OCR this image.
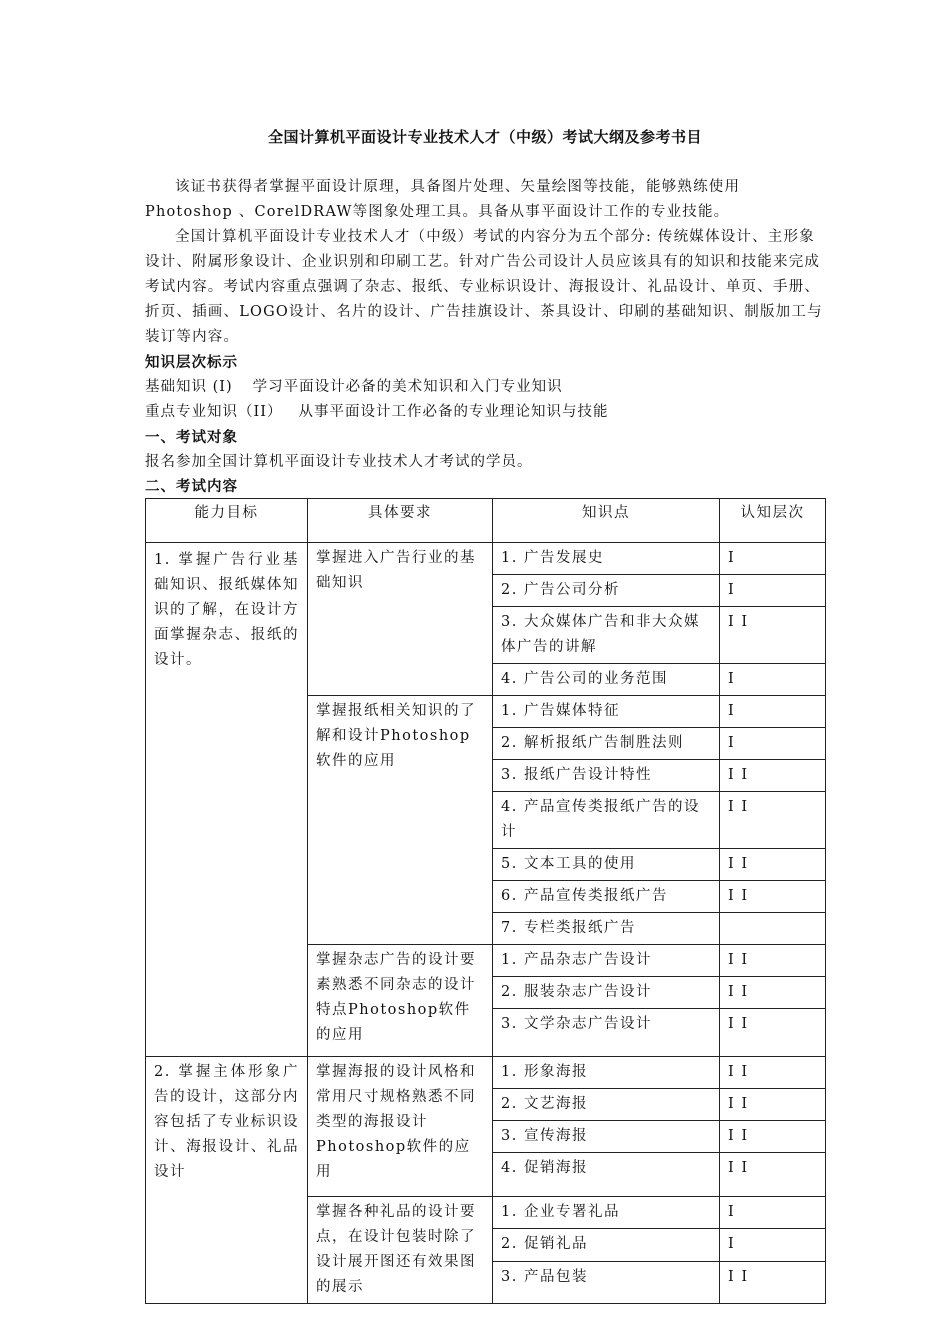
全国计算机平面设计专业技术人才（中级）考试大纲及参考书目

该证书获得者掌握平面设计原理，具备图片处理、矢量绘图等技能，能够熟练使用Photoshop 、CorelDRAW等图象处理工具。具备从事平面设计工作的专业技能。

全国计算机平面设计专业技术人才（中级）考试的内容分为五个部分: 传统媒体设计、主形象设计、附属形象设计、企业识别和印刷工艺。针对广告公司设计人员应该具有的知识和技能来完成考试内容。考试内容重点强调了杂志、报纸、专业标识设计、海报设计、礼品设计、单页、手册、折页、插画、LOGO设计、名片的设计、广告挂旗设计、茶具设计、印刷的基础知识、制版加工与装订等内容。

知识层次标示
基础知识 (I) 学习平面设计必备的美术知识和入门专业知识
重点专业知识（II） 从事平面设计工作必备的专业理论知识与技能
一、考试对象
报名参加全国计算机平面设计专业技术人才考试的学员。
二、考试内容
能力目标	具体要求	知识点	认知层次
1. 掌握广告行业基础知识、报纸媒体知识的了解，在设计方面掌握杂志、报纸的设计。	掌握进入广告行业的基础知识	1. 广告发展史	I
		2. 广告公司分析	I
		3. 大众媒体广告和非大众媒体广告的讲解	I I
		4. 广告公司的业务范围	I
	掌握报纸相关知识的了解和设计Photoshop软件的应用	1. 广告媒体特征	I
		2. 解析报纸广告制胜法则	I
		3. 报纸广告设计特性	I I
		4. 产品宣传类报纸广告的设计	I I
		5. 文本工具的使用	I I
		6. 产品宣传类报纸广告	I I
		7. 专栏类报纸广告	
	掌握杂志广告的设计要素熟悉不同杂志的设计特点Photoshop软件的应用	1. 产品杂志广告设计	I I
		2. 服装杂志广告设计	I I
		3. 文学杂志广告设计	I I
2. 掌握主体形象广告的设计，这部分内容包括了专业标识设计、海报设计、礼品设计	掌握海报的设计风格和常用尺寸规格熟悉不同类型的海报设计Photoshop软件的应用	1. 形象海报	I I
		2. 文艺海报	I I
		3. 宣传海报	I I
		4. 促销海报	I I
	掌握各种礼品的设计要点，在设计包装时除了设计展开图还有效果图的展示	1. 企业专署礼品	I
		2. 促销礼品	I
		3. 产品包装	I I
